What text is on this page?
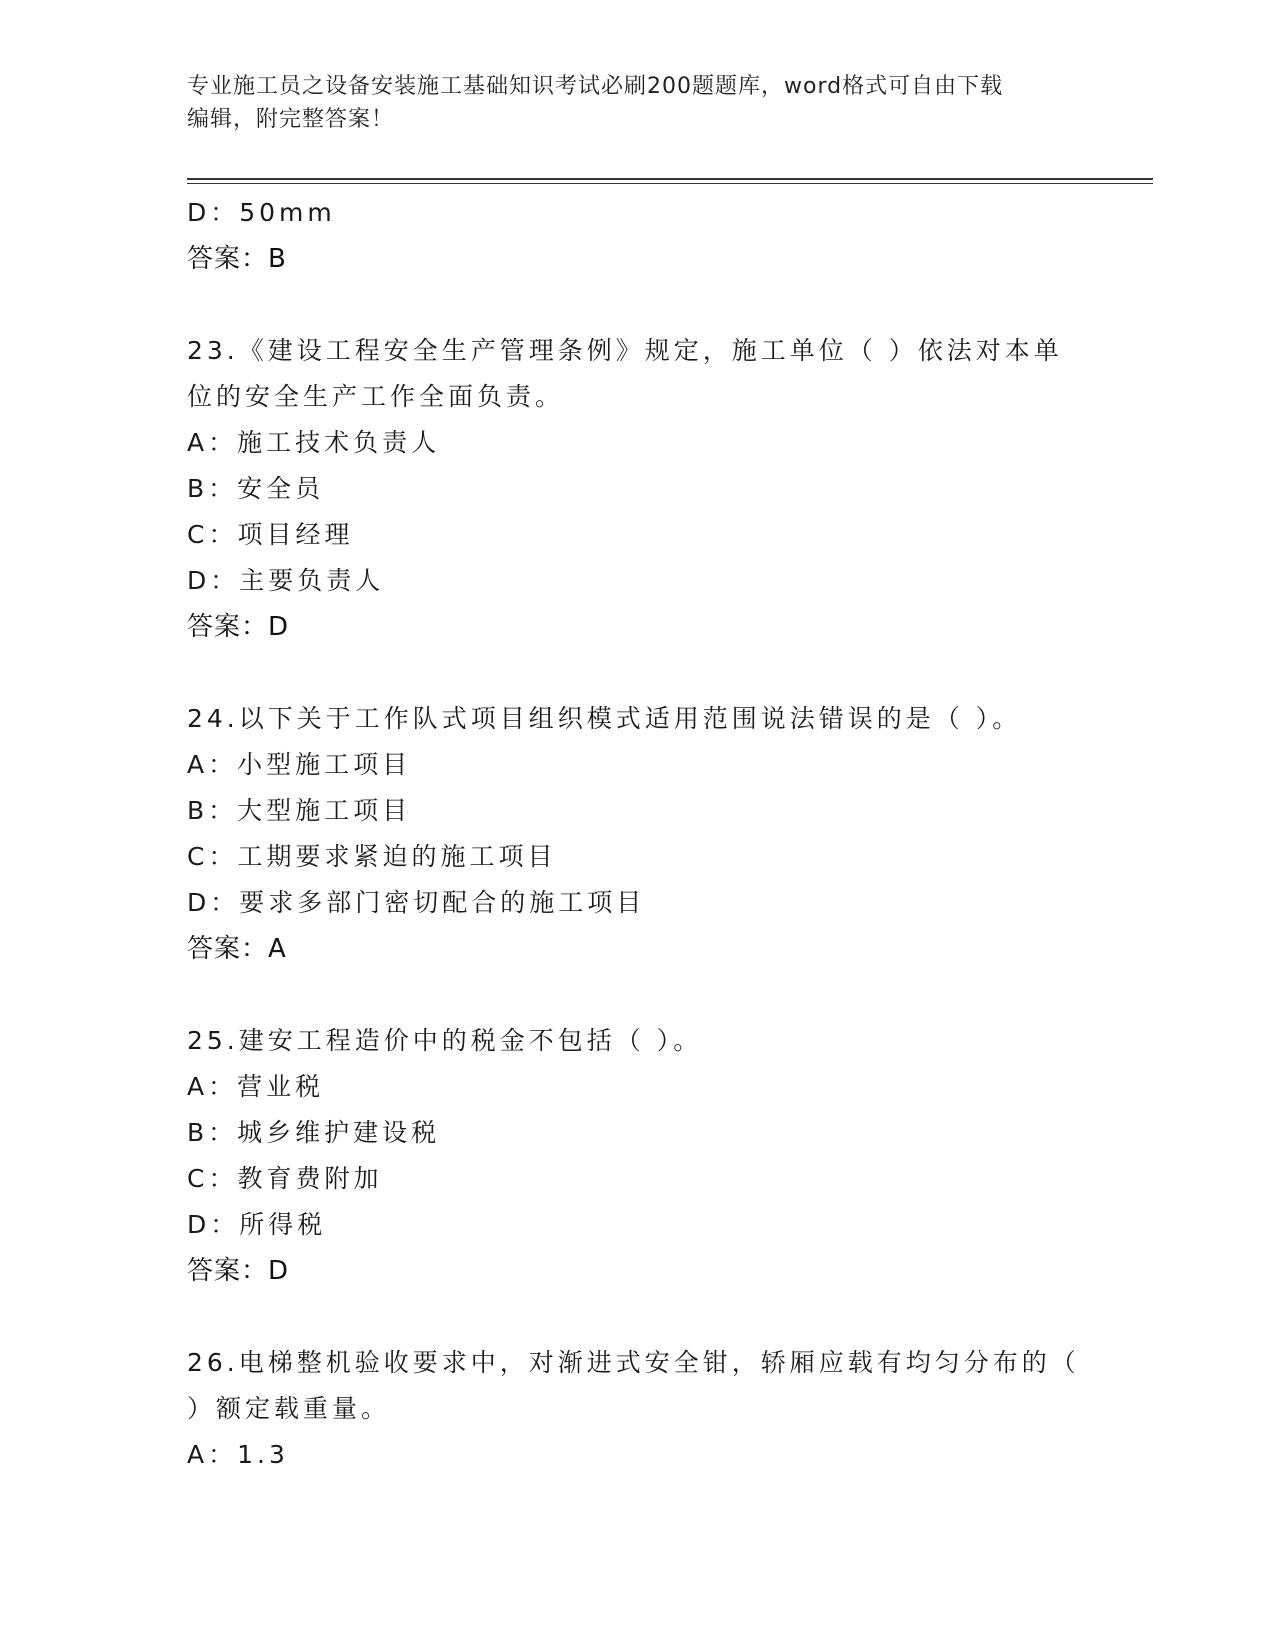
专业施工员之设备安装施工基础知识考试必刷200题题库，word格式可自由下载
编辑，附完整答案！
D：50mm
答案：B
23.《建设工程安全生产管理条例》规定，施工单位（ ）依法对本单
位的安全生产工作全面负责。
A：施工技术负责人
B：安全员
C：项目经理
D：主要负责人
答案：D
24.以下关于工作队式项目组织模式适用范围说法错误的是（ ）。
A：小型施工项目
B：大型施工项目
C：工期要求紧迫的施工项目
D：要求多部门密切配合的施工项目
答案：A
25.建安工程造价中的税金不包括（ ）。
A：营业税
B：城乡维护建设税
C：教育费附加
D：所得税
答案：D
26.电梯整机验收要求中，对渐进式安全钳，轿厢应载有均匀分布的（
）额定载重量。
A：1.3
